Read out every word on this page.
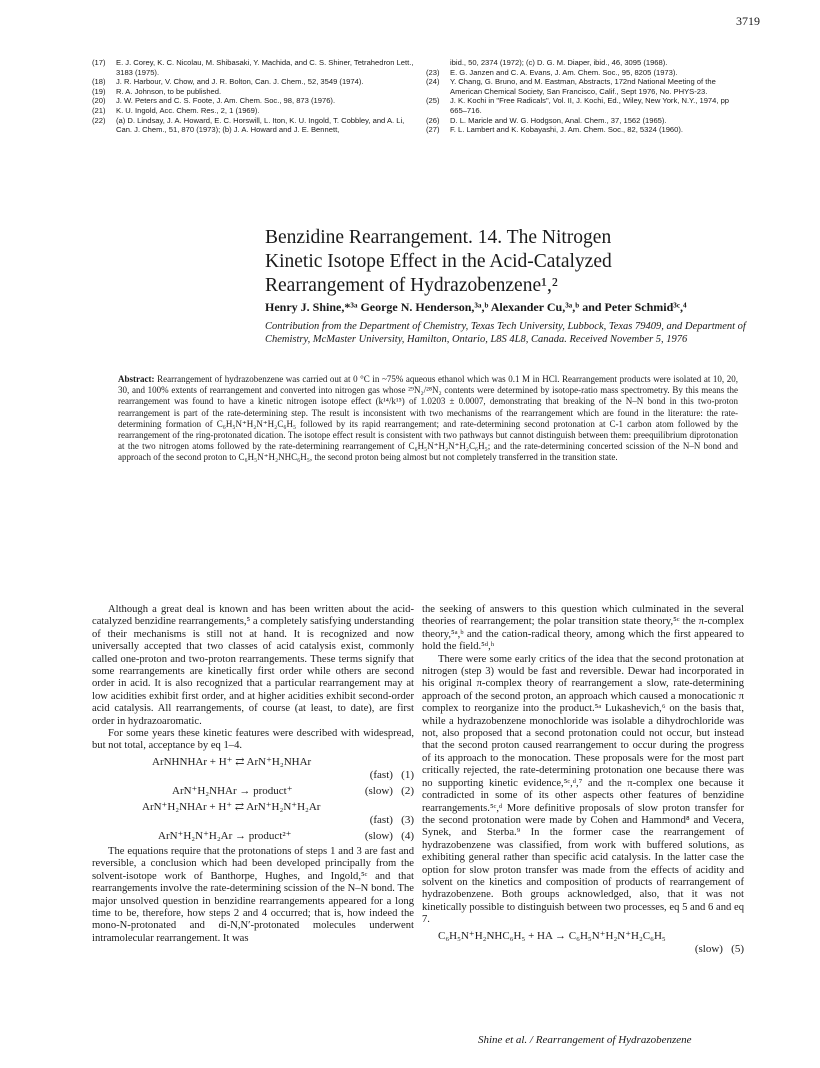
3719
(17)	E. J. Corey, K. C. Nicolau, M. Shibasaki, Y. Machida, and C. S. Shiner, Tetrahedron Lett., 3183 (1975).
(18)	J. R. Harbour, V. Chow, and J. R. Bolton, Can. J. Chem., 52, 3549 (1974).
(19)	R. A. Johnson, to be published.
(20)	J. W. Peters and C. S. Foote, J. Am. Chem. Soc., 98, 873 (1976).
(21)	K. U. Ingold, Acc. Chem. Res., 2, 1 (1969).
(22)	(a) D. Lindsay, J. A. Howard, E. C. Horswill, L. Iton, K. U. Ingold, T. Cobbley, and A. Li, Can. J. Chem., 51, 870 (1973); (b) J. A. Howard and J. E. Bennett,
ibid., 50, 2374 (1972); (c) D. G. M. Diaper, ibid., 46, 3095 (1968).
(23)	E. G. Janzen and C. A. Evans, J. Am. Chem. Soc., 95, 8205 (1973).
(24)	Y. Chang, G. Bruno, and M. Eastman, Abstracts, 172nd National Meeting of the American Chemical Society, San Francisco, Calif., Sept 1976, No. PHYS-23.
(25)	J. K. Kochi in "Free Radicals", Vol. II, J. Kochi, Ed., Wiley, New York, N.Y., 1974, pp 665–716.
(26)	D. L. Maricle and W. G. Hodgson, Anal. Chem., 37, 1562 (1965).
(27)	F. L. Lambert and K. Kobayashi, J. Am. Chem. Soc., 82, 5324 (1960).
Benzidine Rearrangement. 14. The Nitrogen Kinetic Isotope Effect in the Acid-Catalyzed Rearrangement of Hydrazobenzene¹,²
Henry J. Shine,*³ᵃ George N. Henderson,³ᵃ,ᵇ Alexander Cu,³ᵃ,ᵇ and Peter Schmid³ᶜ,⁴
Contribution from the Department of Chemistry, Texas Tech University, Lubbock, Texas 79409, and Department of Chemistry, McMaster University, Hamilton, Ontario, L8S 4L8, Canada. Received November 5, 1976
Abstract: Rearrangement of hydrazobenzene was carried out at 0 °C in ~75% aqueous ethanol which was 0.1 M in HCl. Rearrangement products were isolated at 10, 20, 30, and 100% extents of rearrangement and converted into nitrogen gas whose ²⁹N₂/²⁸N₂ contents were determined by isotope-ratio mass spectrometry. By this means the rearrangement was found to have a kinetic nitrogen isotope effect (k¹⁴/k¹⁵) of 1.0203 ± 0.0007, demonstrating that breaking of the N–N bond in this two-proton rearrangement is part of the rate-determining step. The result is inconsistent with two mechanisms of the rearrangement which are found in the literature: the rate-determining formation of C₆H₅N⁺H₂N⁺H₂C₆H₅ followed by its rapid rearrangement; and rate-determining second protonation at C-1 carbon atom followed by the rearrangement of the ring-protonated dication. The isotope effect result is consistent with two pathways but cannot distinguish between them: preequilibrium diprotonation at the two nitrogen atoms followed by the rate-determining rearrangement of C₆H₅N⁺H₂N⁺H₂C₆H₅; and the rate-determining concerted scission of the N–N bond and approach of the second proton to C₆H₅N⁺H₂NHC₆H₅, the second proton being almost but not completely transferred in the transition state.

Although a great deal is known and has been written about the acid-catalyzed benzidine rearrangements,⁵ a completely satisfying understanding of their mechanisms is still not at hand. It is recognized and now universally accepted that two classes of acid catalysis exist, commonly called one-proton and two-proton rearrangements. These terms signify that some rearrangements are kinetically first order while others are second order in acid. It is also recognized that a particular rearrangement may at low acidities exhibit first order, and at higher acidities exhibit second-order acid catalysis. All rearrangements, of course (at least, to date), are first order in hydrazoaromatic.

For some years these kinetic features were described with widespread, but not total, acceptance by eq 1–4.

ArNHNHAr + H⁺ ⇄ ArN⁺H₂NHAr
(fast)   (1)
ArN⁺H₂NHAr → product⁺	(slow)   (2)
ArN⁺H₂NHAr + H⁺ ⇄ ArN⁺H₂N⁺H₂Ar
(fast)   (3)
ArN⁺H₂N⁺H₂Ar → product²⁺	(slow)   (4)

The equations require that the protonations of steps 1 and 3 are fast and reversible, a conclusion which had been developed principally from the solvent-isotope work of Banthorpe, Hughes, and Ingold,⁵ᶜ and that rearrangements involve the rate-determining scission of the N–N bond. The major unsolved question in benzidine rearrangements appeared for a long time to be, therefore, how steps 2 and 4 occurred; that is, how indeed the mono-N-protonated and di-N,N′-protonated molecules underwent intramolecular rearrangement. It was

the seeking of answers to this question which culminated in the several theories of rearrangement; the polar transition state theory,⁵ᶜ the π-complex theory,⁵ᵃ,ᵇ and the cation-radical theory, among which the first appeared to hold the field.⁵ᵈ,ʰ

There were some early critics of the idea that the second protonation at nitrogen (step 3) would be fast and reversible. Dewar had incorporated in his original π-complex theory of rearrangement a slow, rate-determining approach of the second proton, an approach which caused a monocationic π complex to reorganize into the product.⁵ᵃ Lukashevich,⁶ on the basis that, while a hydrazobenzene monochloride was isolable a dihydrochloride was not, also proposed that a second protonation could not occur, but instead that the second proton caused rearrangement to occur during the progress of its approach to the monocation. These proposals were for the most part critically rejected, the rate-determining protonation one because there was no supporting kinetic evidence,⁵ᶜ,ᵈ,⁷ and the π-complex one because it contradicted in some of its other aspects other features of benzidine rearrangements.⁵ᶜ,ᵈ More definitive proposals of slow proton transfer for the second protonation were made by Cohen and Hammond⁸ and Vecera, Synek, and Sterba.⁹ In the former case the rearrangement of hydrazobenzene was classified, from work with buffered solutions, as exhibiting general rather than specific acid catalysis. In the latter case the option for slow proton transfer was made from the effects of acidity and solvent on the kinetics and composition of products of rearrangement of hydrazobenzene. Both groups acknowledged, also, that it was not kinetically possible to distinguish between two processes, eq 5 and 6 and eq 7.

C₆H₅N⁺H₂NHC₆H₅ + HA → C₆H₅N⁺H₂N⁺H₂C₆H₅
(slow)   (5)
Shine et al. / Rearrangement of Hydrazobenzene
